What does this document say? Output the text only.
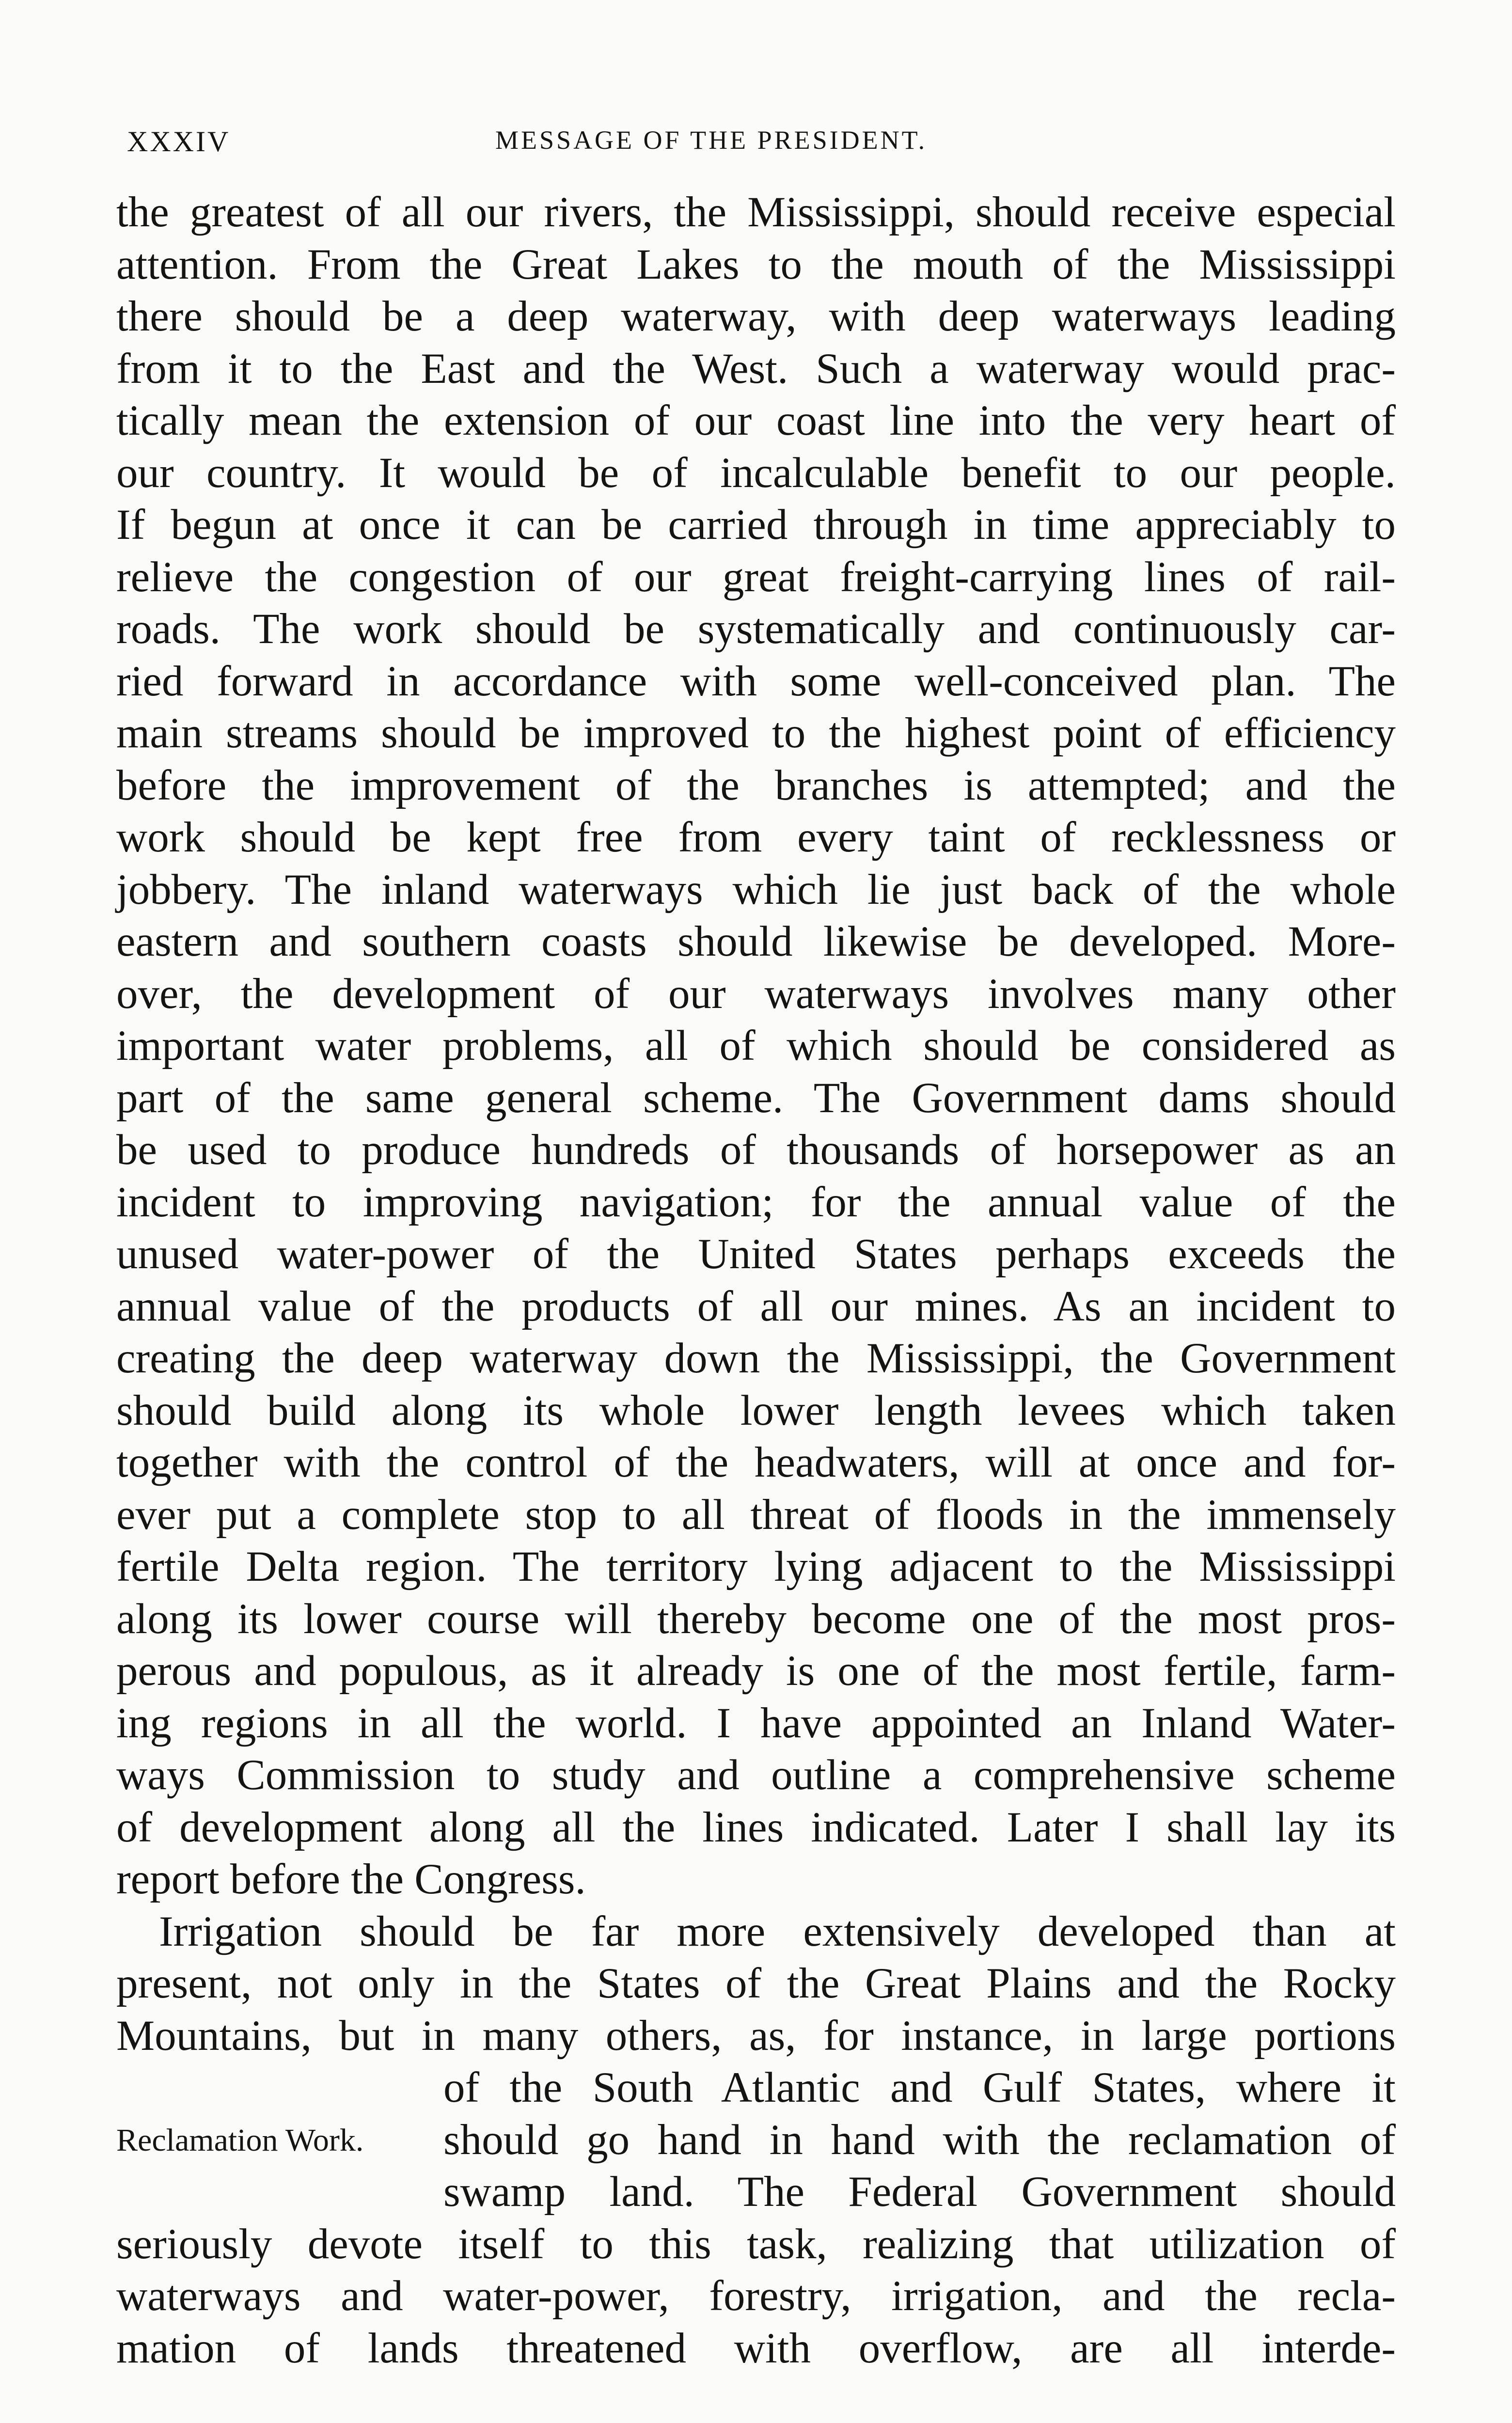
XXXIV	MESSAGE OF THE PRESIDENT.
the greatest of all our rivers, the Mississippi, should receive especial
attention. From the Great Lakes to the mouth of the Mississippi
there should be a deep waterway, with deep waterways leading
from it to the East and the West. Such a waterway would prac-
tically mean the extension of our coast line into the very heart of
our country. It would be of incalculable benefit to our people.
If begun at once it can be carried through in time appreciably to
relieve the congestion of our great freight-carrying lines of rail-
roads. The work should be systematically and continuously car-
ried forward in accordance with some well-conceived plan. The
main streams should be improved to the highest point of efficiency
before the improvement of the branches is attempted; and the
work should be kept free from every taint of recklessness or
jobbery. The inland waterways which lie just back of the whole
eastern and southern coasts should likewise be developed. More-
over, the development of our waterways involves many other
important water problems, all of which should be considered as
part of the same general scheme. The Government dams should
be used to produce hundreds of thousands of horsepower as an
incident to improving navigation; for the annual value of the
unused water-power of the United States perhaps exceeds the
annual value of the products of all our mines. As an incident to
creating the deep waterway down the Mississippi, the Government
should build along its whole lower length levees which taken
together with the control of the headwaters, will at once and for-
ever put a complete stop to all threat of floods in the immensely
fertile Delta region. The territory lying adjacent to the Mississippi
along its lower course will thereby become one of the most pros-
perous and populous, as it already is one of the most fertile, farm-
ing regions in all the world. I have appointed an Inland Water-
ways Commission to study and outline a comprehensive scheme
of development along all the lines indicated. Later I shall lay its
report before the Congress.
Irrigation should be far more extensively developed than at
present, not only in the States of the Great Plains and the Rocky
Mountains, but in many others, as, for instance, in large portions
of the South Atlantic and Gulf States, where it
Reclamation Work. should go hand in hand with the reclamation of
swamp land. The Federal Government should
seriously devote itself to this task, realizing that utilization of
waterways and water-power, forestry, irrigation, and the recla-
mation of lands threatened with overflow, are all interde-
